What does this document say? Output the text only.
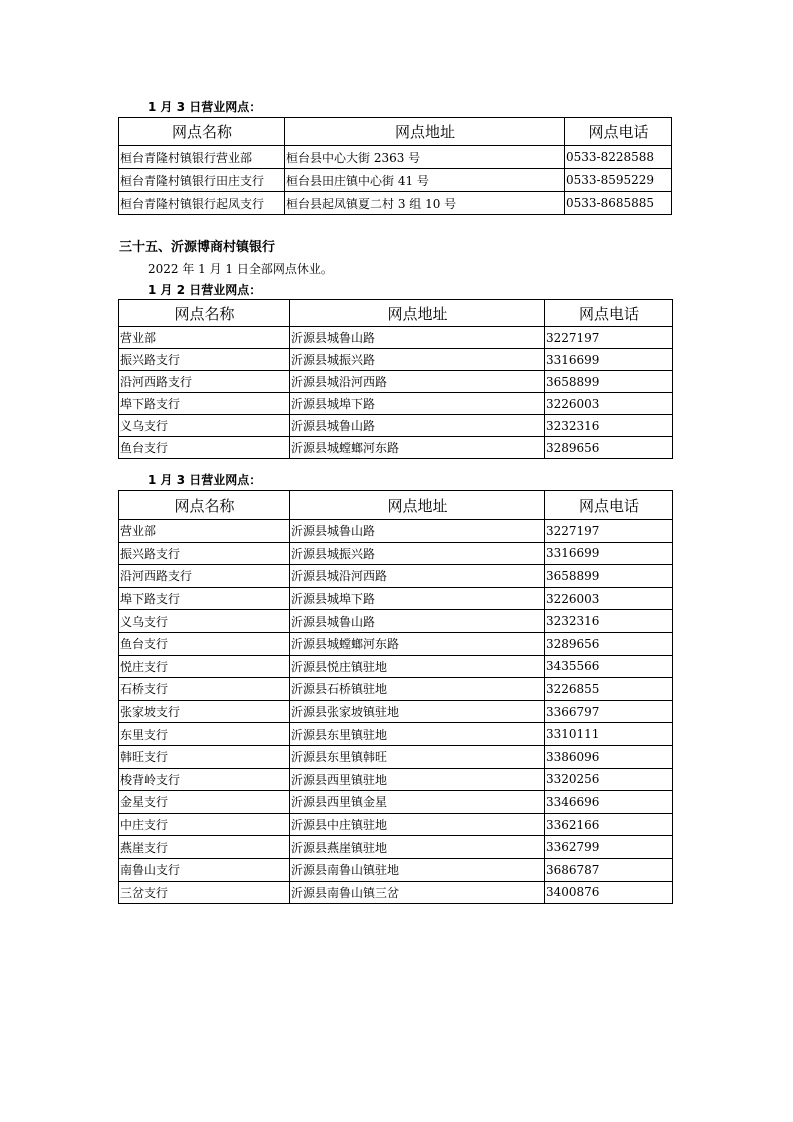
1 月 3 日营业网点：
网点名称	网点地址	网点电话
桓台青隆村镇银行营业部	桓台县中心大街 2363 号	0533-8228588
桓台青隆村镇银行田庄支行	桓台县田庄镇中心街 41 号	0533-8595229
桓台青隆村镇银行起凤支行	桓台县起凤镇夏二村 3 组 10 号	0533-8685885
三十五、沂源博商村镇银行
2022 年 1 月 1 日全部网点休业。
1 月 2 日营业网点：
网点名称	网点地址	网点电话
营业部	沂源县城鲁山路	3227197
振兴路支行	沂源县城振兴路	3316699
沿河西路支行	沂源县城沿河西路	3658899
埠下路支行	沂源县城埠下路	3226003
义乌支行	沂源县城鲁山路	3232316
鱼台支行	沂源县城螳螂河东路	3289656
1 月 3 日营业网点：
网点名称	网点地址	网点电话
营业部	沂源县城鲁山路	3227197
振兴路支行	沂源县城振兴路	3316699
沿河西路支行	沂源县城沿河西路	3658899
埠下路支行	沂源县城埠下路	3226003
义乌支行	沂源县城鲁山路	3232316
鱼台支行	沂源县城螳螂河东路	3289656
悦庄支行	沂源县悦庄镇驻地	3435566
石桥支行	沂源县石桥镇驻地	3226855
张家坡支行	沂源县张家坡镇驻地	3366797
东里支行	沂源县东里镇驻地	3310111
韩旺支行	沂源县东里镇韩旺	3386096
梭背岭支行	沂源县西里镇驻地	3320256
金星支行	沂源县西里镇金星	3346696
中庄支行	沂源县中庄镇驻地	3362166
燕崖支行	沂源县燕崖镇驻地	3362799
南鲁山支行	沂源县南鲁山镇驻地	3686787
三岔支行	沂源县南鲁山镇三岔	3400876
